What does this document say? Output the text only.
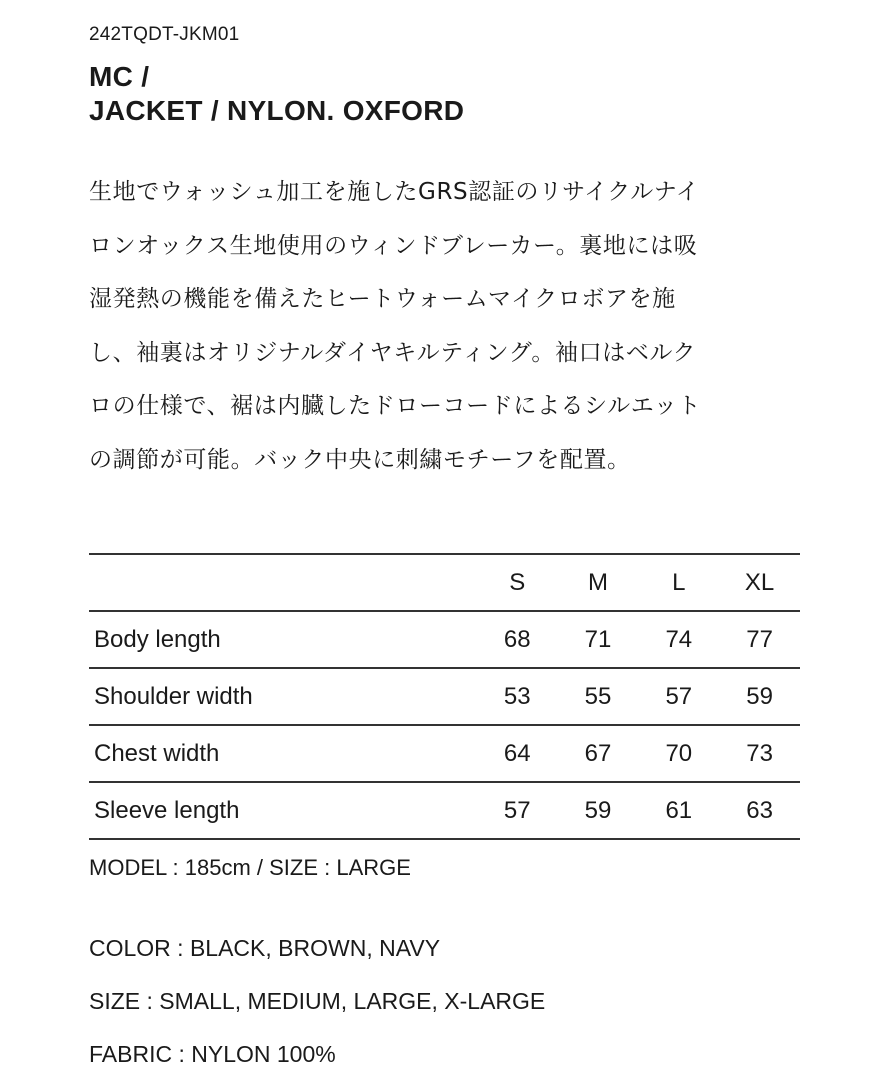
242TQDT-JKM01
MC /
JACKET / NYLON. OXFORD
生地でウォッシュ加工を施したGRS認証のリサイクルナイ
ロンオックス生地使用のウィンドブレーカー。裏地には吸
湿発熱の機能を備えたヒートウォームマイクロボアを施
し、袖裏はオリジナルダイヤキルティング。袖口はベルク
ロの仕様で、裾は内臓したドローコードによるシルエット
の調節が可能。バック中央に刺繍モチーフを配置。
	S	M	L	XL
Body length	68	71	74	77
Shoulder width	53	55	57	59
Chest width	64	67	70	73
Sleeve length	57	59	61	63
MODEL : 185cm / SIZE : LARGE
COLOR : BLACK, BROWN, NAVY
SIZE : SMALL, MEDIUM, LARGE, X-LARGE
FABRIC : NYLON 100%
